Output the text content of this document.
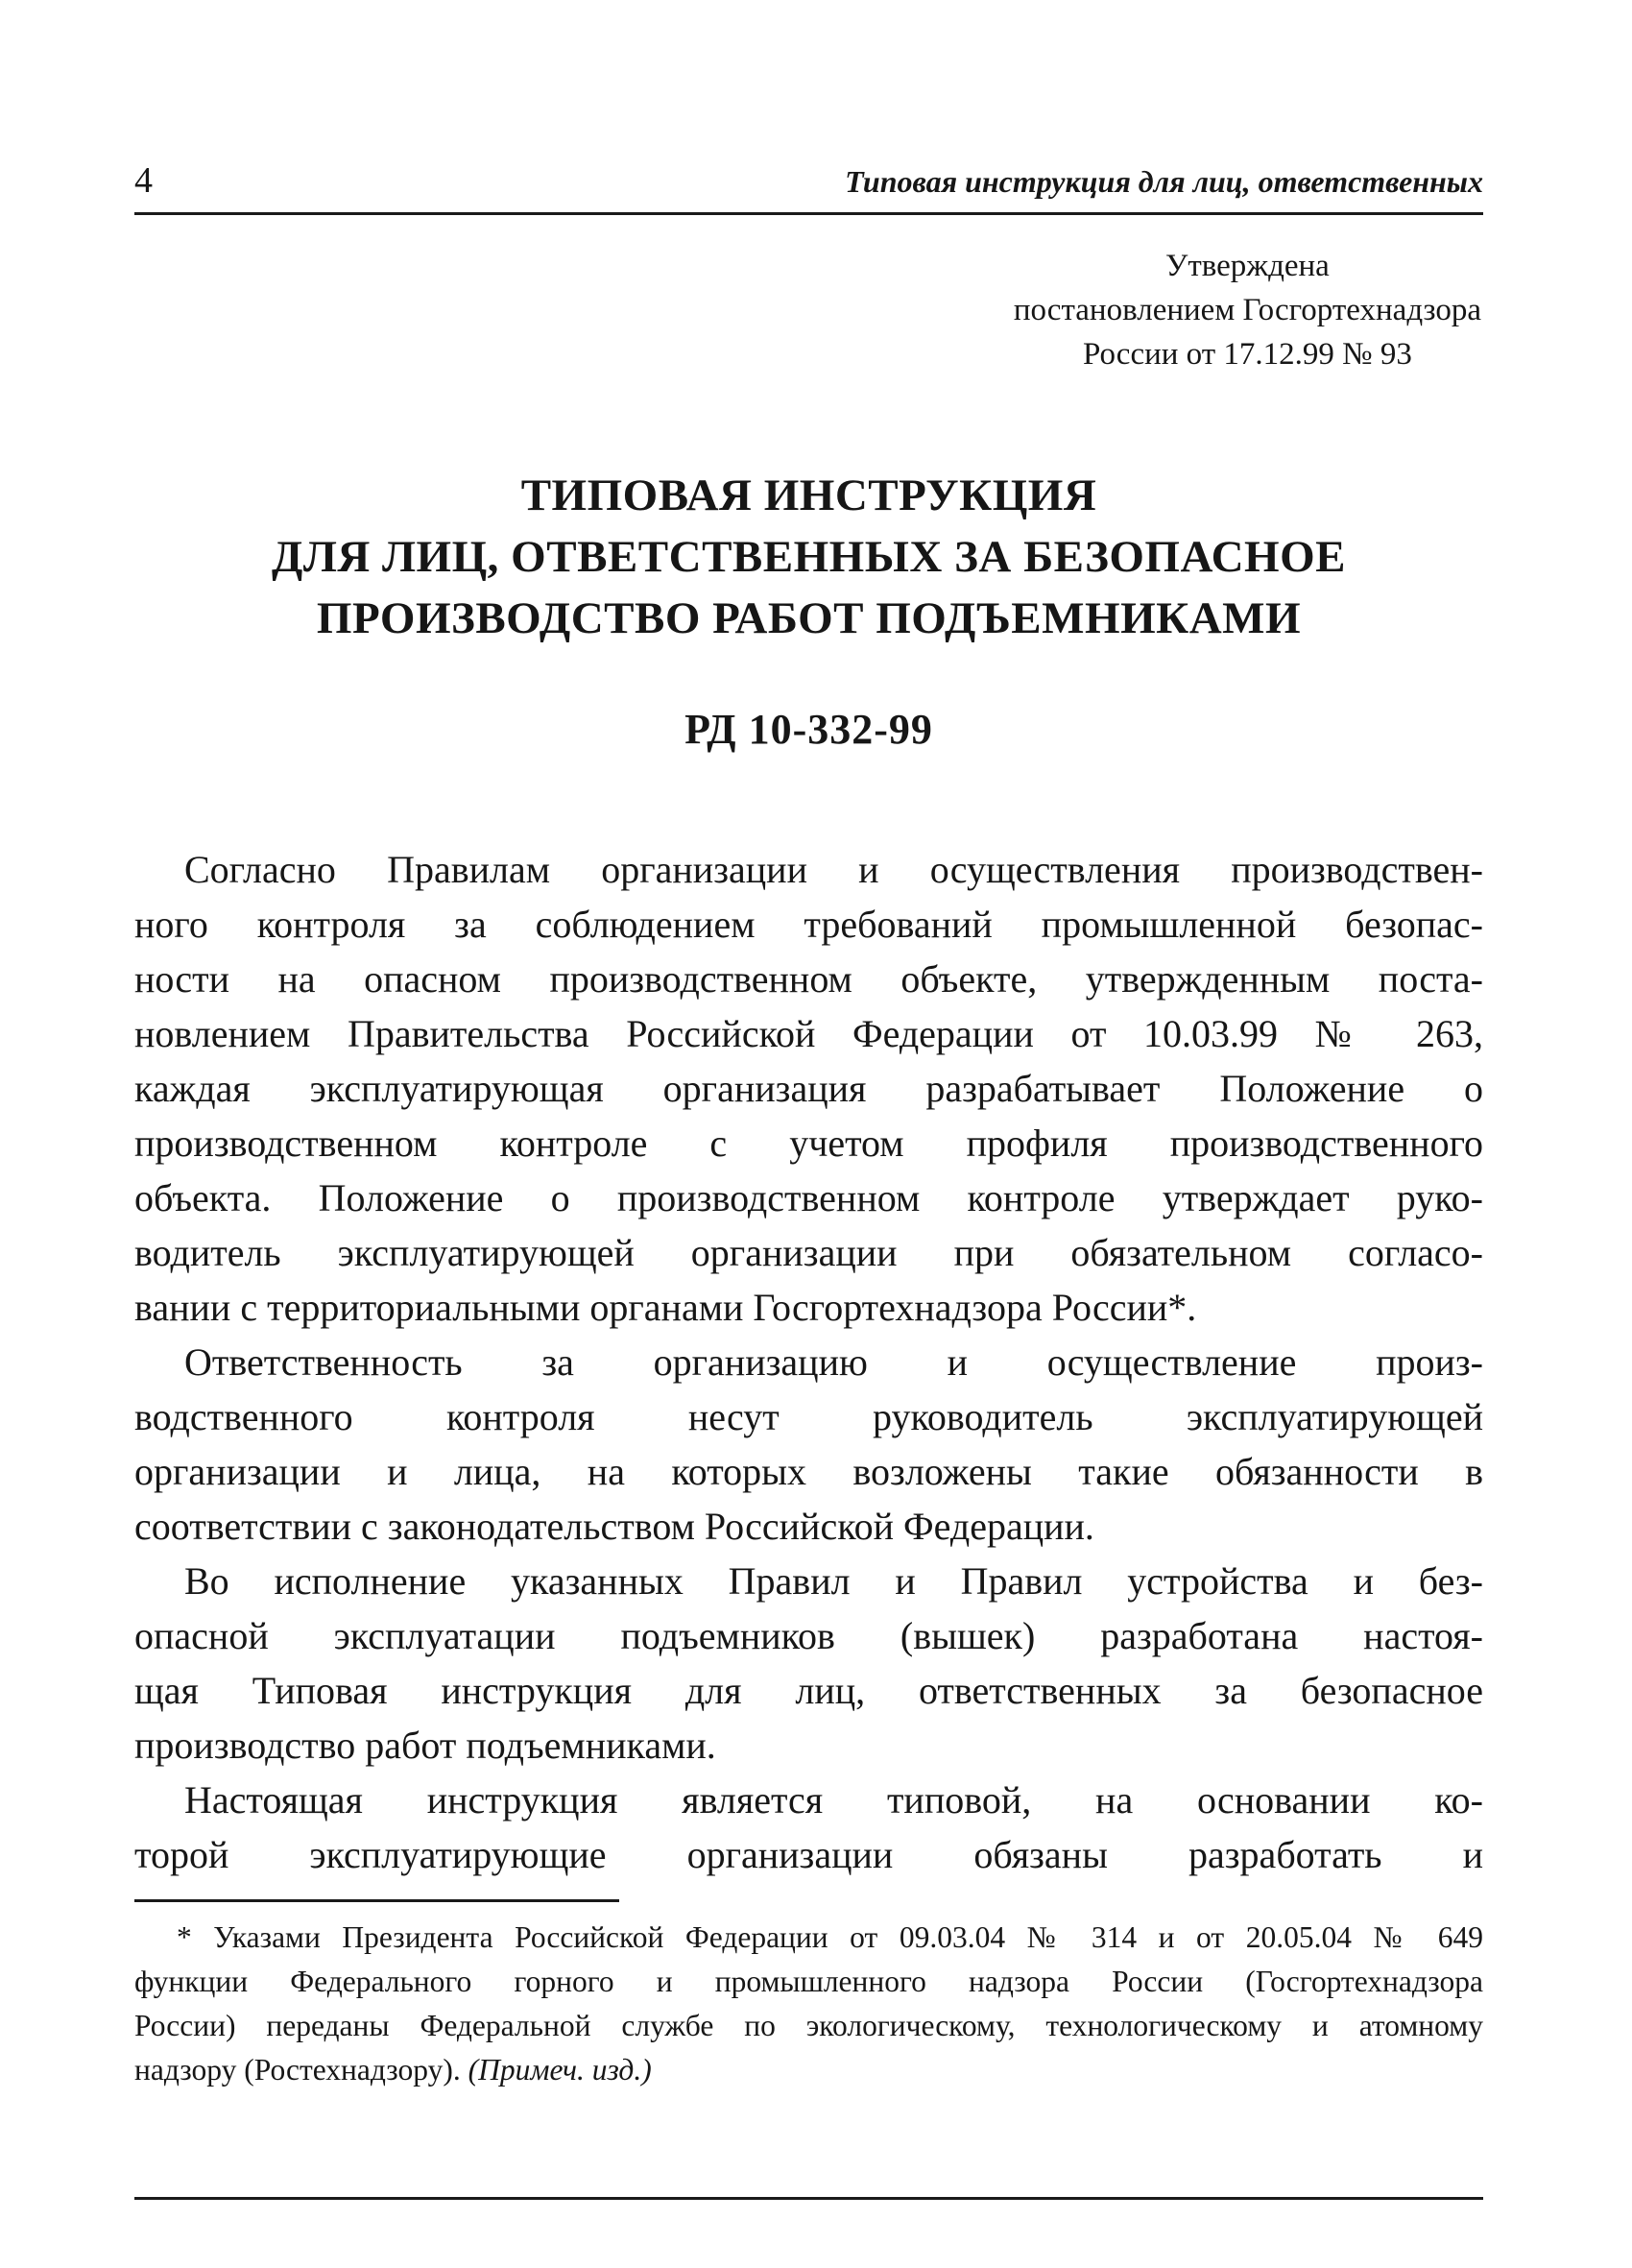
4	Типовая инструкция для лиц, ответственных
Утверждена
постановлением Госгортехнадзора
России от 17.12.99 № 93
ТИПОВАЯ ИНСТРУКЦИЯ
ДЛЯ ЛИЦ, ОТВЕТСТВЕННЫХ ЗА БЕЗОПАСНОЕ
ПРОИЗВОДСТВО РАБОТ ПОДЪЕМНИКАМИ
РД 10-332-99
Согласно Правилам организации и осуществления производствен-
ного контроля за соблюдением требований промышленной безопас-
ности на опасном производственном объекте, утвержденным поста-
новлением Правительства Российской Федерации от 10.03.99 № 263,
каждая эксплуатирующая организация разрабатывает Положение о
производственном контроле с учетом профиля производственного
объекта. Положение о производственном контроле утверждает руко-
водитель эксплуатирующей организации при обязательном согласо-
вании с территориальными органами Госгортехнадзора России*.
Ответственность за организацию и осуществление произ-
водственного контроля несут руководитель эксплуатирующей
организации и лица, на которых возложены такие обязанности в
соответствии с законодательством Российской Федерации.
Во исполнение указанных Правил и Правил устройства и без-
опасной эксплуатации подъемников (вышек) разработана настоя-
щая Типовая инструкция для лиц, ответственных за безопасное
производство работ подъемниками.
Настоящая инструкция является типовой, на основании ко-
торой эксплуатирующие организации обязаны разработать и
* Указами Президента Российской Федерации от 09.03.04 № 314 и от 20.05.04 № 649
функции Федерального горного и промышленного надзора России (Госгортехнадзора
России) переданы Федеральной службе по экологическому, технологическому и атомному
надзору (Ростехнадзору). (Примеч. изд.)
